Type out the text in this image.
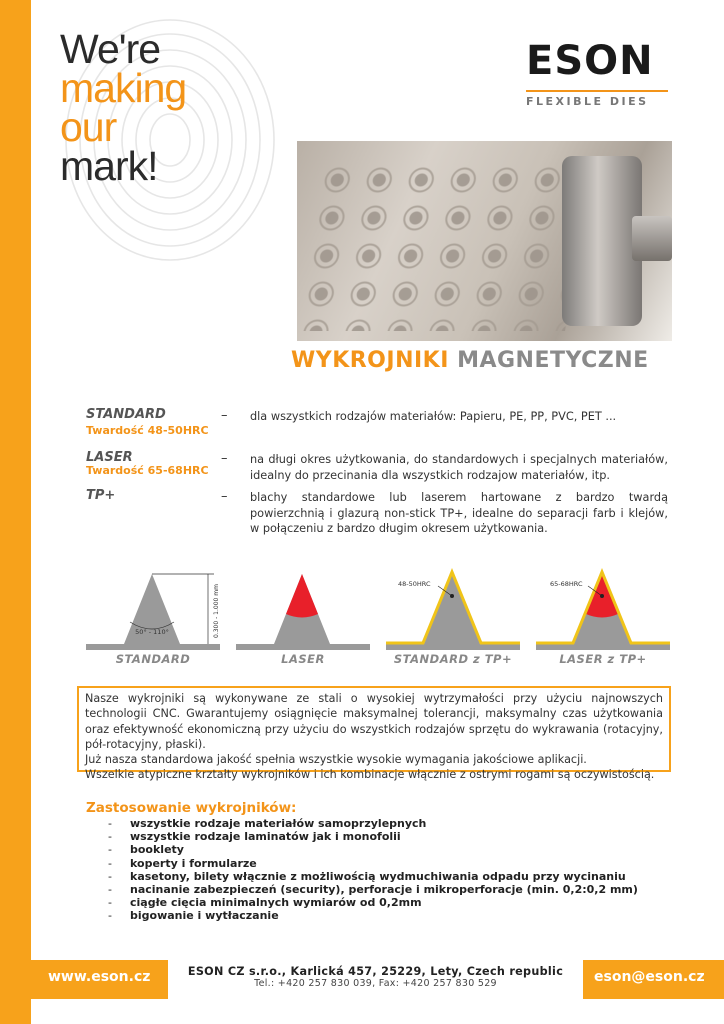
We're
making
our
mark!
ESON
FLEXIBLE DIES
WYKROJNIKI MAGNETYCZNE
STANDARD
Twardość 48-50HRC
– dla wszystkich rodzajów materiałów: Papieru, PE, PP, PVC, PET ...
LASER
Twardość 65-68HRC
– na długi okres użytkowania, do standardowych i specjalnych materiałów, idealny do przecinania dla wszystkich rodzajow materiałów, itp.
TP+	– blachy standardowe lub laserem hartowane z bardzo twardą powierzchnią i glazurą non-stick TP+, idealne do separacji farb i klejów, w połączeniu z bardzo długim okresem użytkowania.
50° - 110°	0.300 - 1.000 mm
STANDARD	LASER
48-50HRC
STANDARD z TP+
65-68HRC
LASER z TP+

Nasze wykrojniki są wykonywane ze stali o wysokiej wytrzymałości przy użyciu najnowszych technologii CNC. Gwarantujemy osiągnięcie maksymalnej tolerancji, maksymalny czas użytkowania oraz efektywność ekonomiczną przy użyciu do wszystkich rodzajów sprzętu do wykrawania (rotacyjny, pół-rotacyjny, płaski).

Już nasza standardowa jakość spełnia wszystkie wysokie wymagania jakościowe aplikacji.

Wszelkie atypiczne krztałty wykrojników i ich kombinacje włącznie z ostrymi rogami są oczywistością.

Zastosowanie wykrojników:
- wszystkie rodzaje materiałów samoprzylepnych
- wszystkie rodzaje laminatów jak i monofolii
- booklety
- koperty i formularze
- kasetony, bilety włącznie z możliwością wydmuchiwania odpadu przy wycinaniu
- nacinanie zabezpieczeń (security), perforacje i mikroperforacje (min. 0,2:0,2 mm)
- ciągłe cięcia minimalnych wymiarów od 0,2mm
- bigowanie i wytłaczanie
www.eson.cz	ESON CZ s.r.o., Karlická 457, 25229, Lety, Czech republic
Tel.: +420 257 830 039, Fax: +420 257 830 529	eson@eson.cz
